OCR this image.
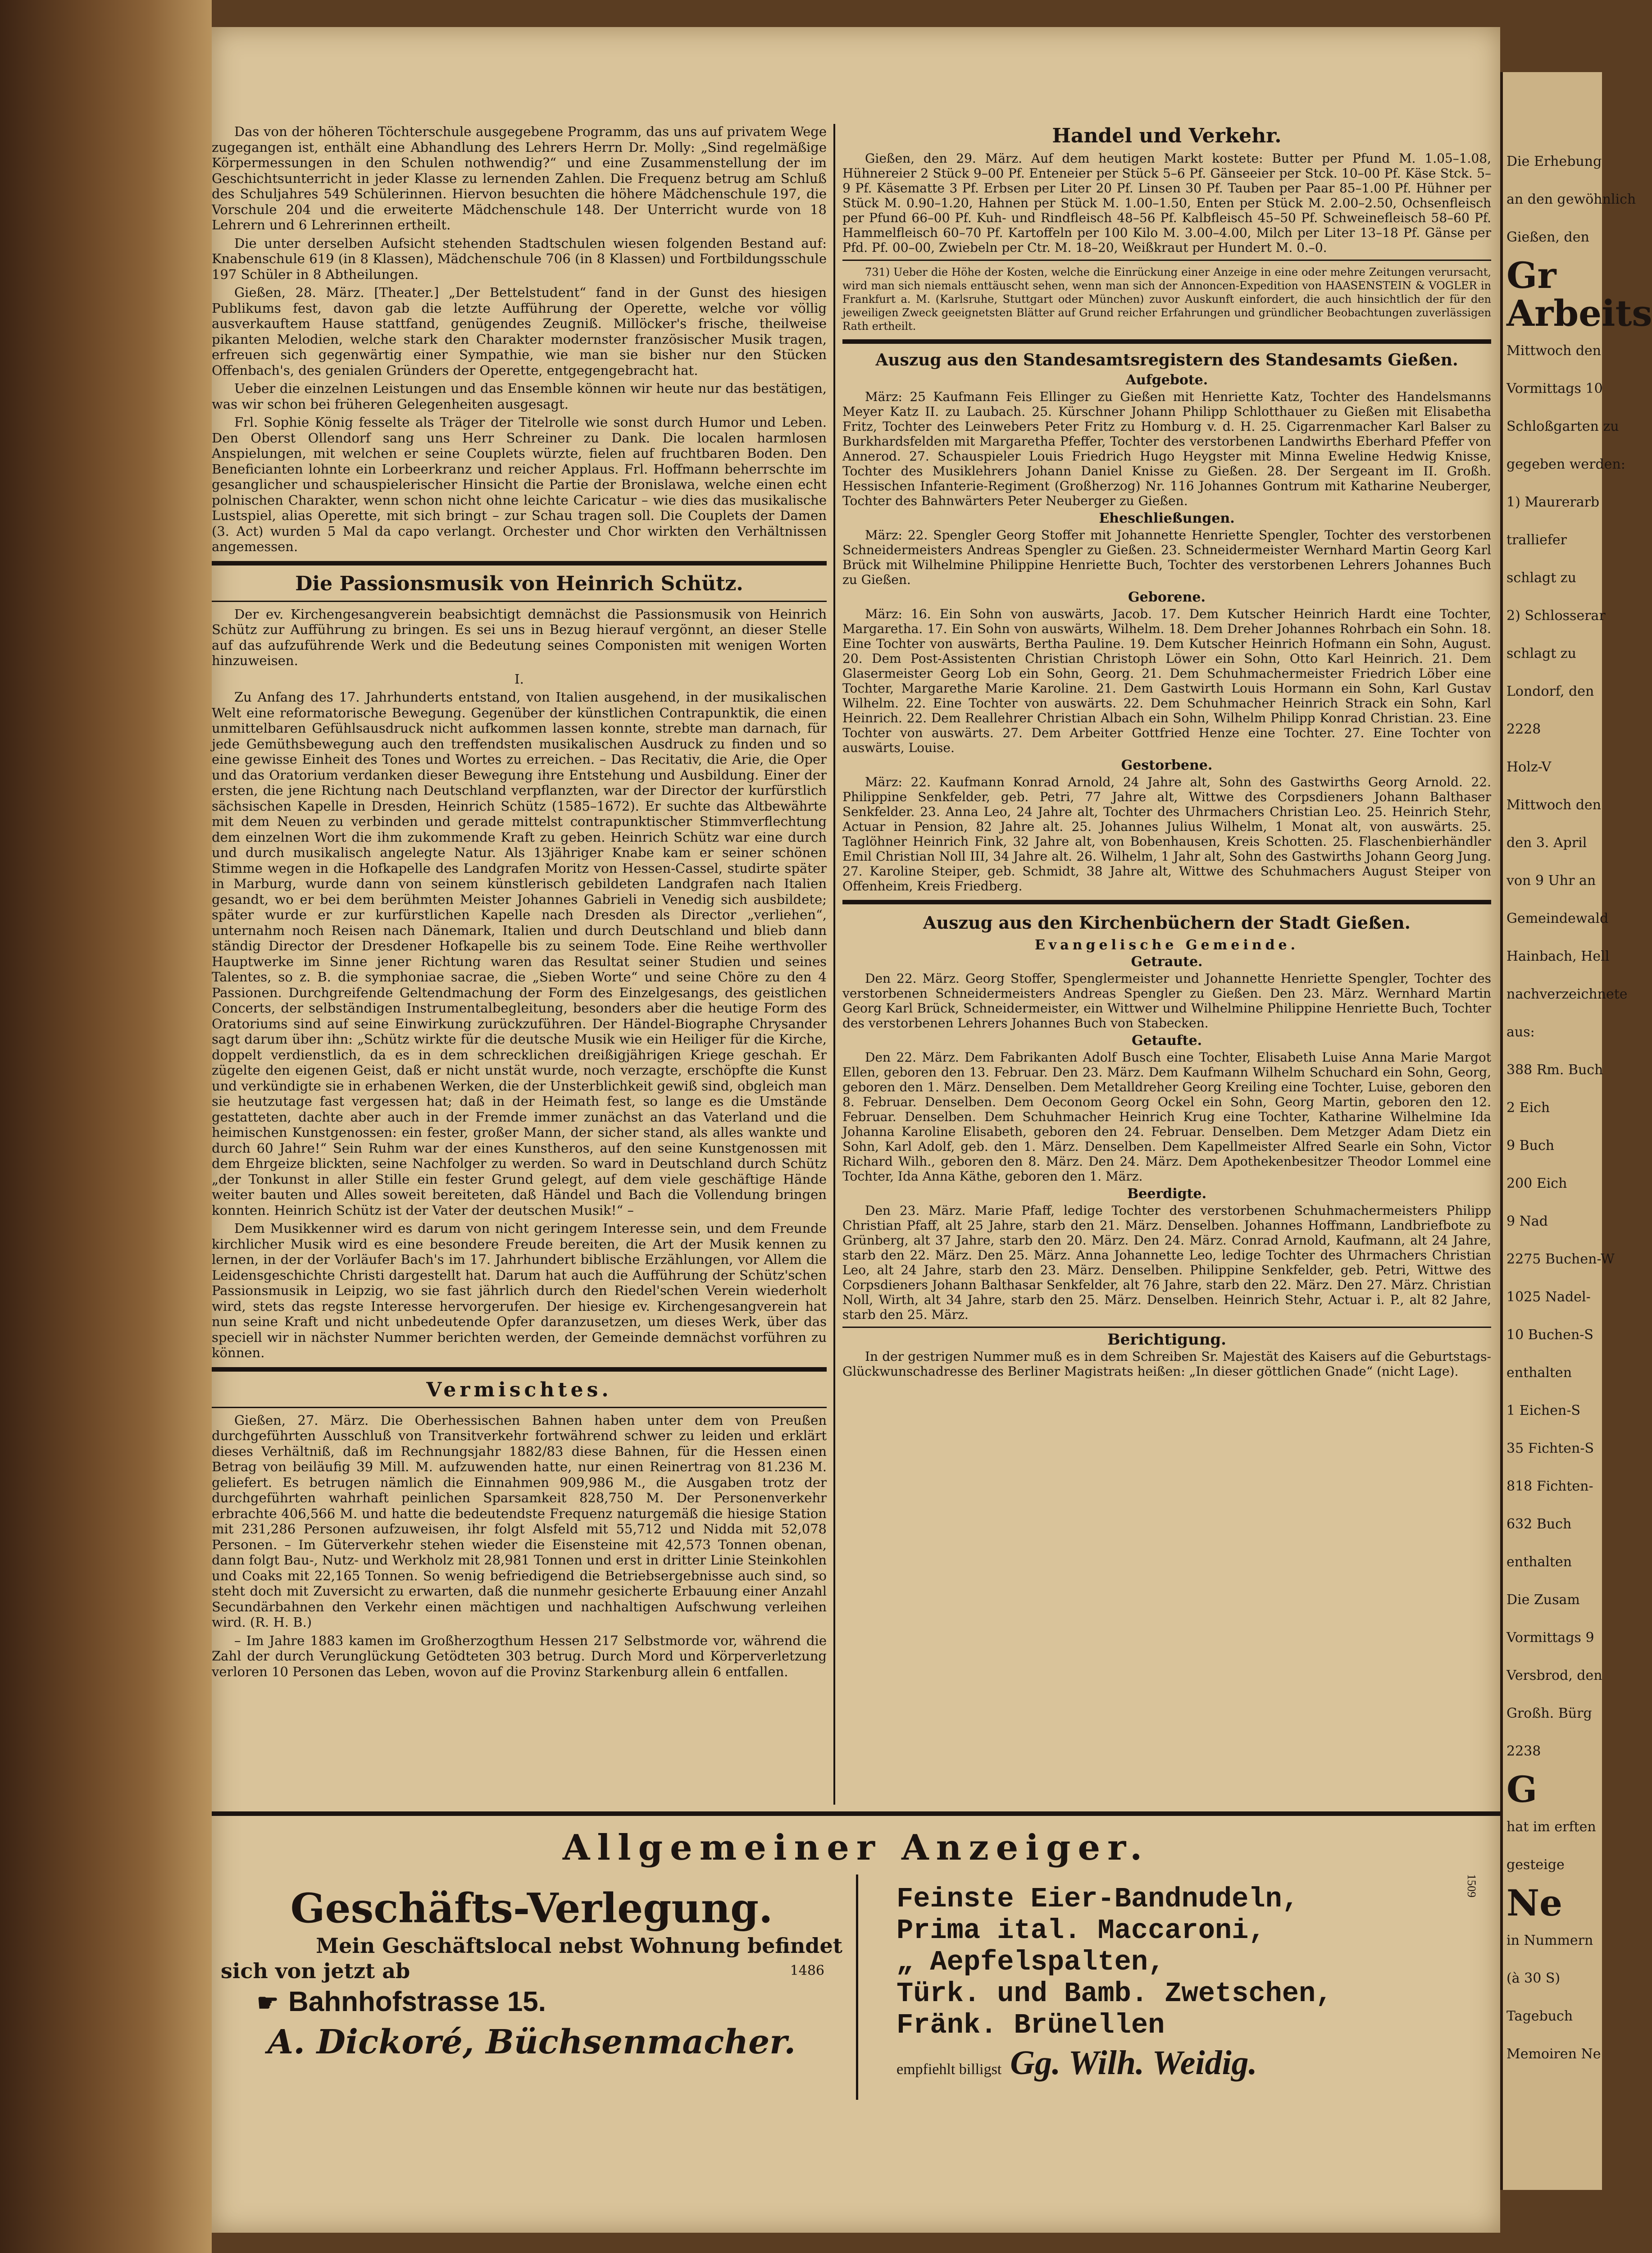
Die Erhebung
an den gewöhnlich
Gießen, den
Gr
Arbeits
Mittwoch den
Vormittags 10
Schloßgarten zu
gegeben werden:
1) Maurerarb
tralliefer
schlagt zu
2) Schlosserar
schlagt zu
Londorf, den
2228
Holz-V
Mittwoch den
den 3. April
von 9 Uhr an
Gemeindewald
Hainbach, Hell
nachverzeichnete
aus:
388 Rm. Buch
2 Eich
9 Buch
200 Eich
9 Nad
2275 Buchen-W
1025 Nadel-
10 Buchen-S
enthalten
1 Eichen-S
35 Fichten-S
818 Fichten-
632 Buch
enthalten
Die Zusam
Vormittags 9
Versbrod, den
Großh. Bürg
2238
G
hat im erften
gesteige
Ne
in Nummern
(à 30 S)
Tagebuch
Memoiren Ne

Das von der höheren Töchterschule ausgegebene Programm, das uns auf privatem Wege zugegangen ist, enthält eine Abhandlung des Lehrers Herrn Dr. Molly: „Sind regelmäßige Körpermessungen in den Schulen nothwendig?“ und eine Zusammenstellung der im Geschichtsunterricht in jeder Klasse zu lernenden Zahlen. Die Frequenz betrug am Schluß des Schuljahres 549 Schülerinnen. Hiervon besuchten die höhere Mädchenschule 197, die Vorschule 204 und die erweiterte Mädchenschule 148. Der Unterricht wurde von 18 Lehrern und 6 Lehrerinnen ertheilt.

Die unter derselben Aufsicht stehenden Stadtschulen wiesen folgenden Bestand auf: Knabenschule 619 (in 8 Klassen), Mädchenschule 706 (in 8 Klassen) und Fortbildungsschule 197 Schüler in 8 Abtheilungen.

Gießen, 28. März. [Theater.] „Der Bettelstudent“ fand in der Gunst des hiesigen Publikums fest, davon gab die letzte Aufführung der Operette, welche vor völlig ausverkauftem Hause stattfand, genügendes Zeugniß. Millöcker's frische, theilweise pikanten Melodien, welche stark den Charakter modernster französischer Musik tragen, erfreuen sich gegenwärtig einer Sympathie, wie man sie bisher nur den Stücken Offenbach's, des genialen Gründers der Operette, entgegengebracht hat.

Ueber die einzelnen Leistungen und das Ensemble können wir heute nur das bestätigen, was wir schon bei früheren Gelegenheiten ausgesagt.

Frl. Sophie König fesselte als Träger der Titelrolle wie sonst durch Humor und Leben. Den Oberst Ollendorf sang uns Herr Schreiner zu Dank. Die localen harmlosen Anspielungen, mit welchen er seine Couplets würzte, fielen auf fruchtbaren Boden. Den Beneficianten lohnte ein Lorbeerkranz und reicher Applaus. Frl. Hoffmann beherrschte im gesanglicher und schauspielerischer Hinsicht die Partie der Bronislawa, welche einen echt polnischen Charakter, wenn schon nicht ohne leichte Caricatur – wie dies das musikalische Lustspiel, alias Operette, mit sich bringt – zur Schau tragen soll. Die Couplets der Damen (3. Act) wurden 5 Mal da capo verlangt. Orchester und Chor wirkten den Verhältnissen angemessen.

Die Passionsmusik von Heinrich Schütz.

Der ev. Kirchengesangverein beabsichtigt demnächst die Passionsmusik von Heinrich Schütz zur Aufführung zu bringen. Es sei uns in Bezug hierauf vergönnt, an dieser Stelle auf das aufzuführende Werk und die Bedeutung seines Componisten mit wenigen Worten hinzuweisen.

I.

Zu Anfang des 17. Jahrhunderts entstand, von Italien ausgehend, in der musikalischen Welt eine reformatorische Bewegung. Gegenüber der künstlichen Contrapunktik, die einen unmittelbaren Gefühlsausdruck nicht aufkommen lassen konnte, strebte man darnach, für jede Gemüthsbewegung auch den treffendsten musikalischen Ausdruck zu finden und so eine gewisse Einheit des Tones und Wortes zu erreichen. – Das Recitativ, die Arie, die Oper und das Oratorium verdanken dieser Bewegung ihre Entstehung und Ausbildung. Einer der ersten, die jene Richtung nach Deutschland verpflanzten, war der Director der kurfürstlich sächsischen Kapelle in Dresden, Heinrich Schütz (1585–1672). Er suchte das Altbewährte mit dem Neuen zu verbinden und gerade mittelst contrapunktischer Stimmverflechtung dem einzelnen Wort die ihm zukommende Kraft zu geben. Heinrich Schütz war eine durch und durch musikalisch angelegte Natur. Als 13jähriger Knabe kam er seiner schönen Stimme wegen in die Hofkapelle des Landgrafen Moritz von Hessen-Cassel, studirte später in Marburg, wurde dann von seinem künstlerisch gebildeten Landgrafen nach Italien gesandt, wo er bei dem berühmten Meister Johannes Gabrieli in Venedig sich ausbildete; später wurde er zur kurfürstlichen Kapelle nach Dresden als Director „verliehen“, unternahm noch Reisen nach Dänemark, Italien und durch Deutschland und blieb dann ständig Director der Dresdener Hofkapelle bis zu seinem Tode. Eine Reihe werthvoller Hauptwerke im Sinne jener Richtung waren das Resultat seiner Studien und seines Talentes, so z. B. die symphoniae sacrae, die „Sieben Worte“ und seine Chöre zu den 4 Passionen. Durchgreifende Geltendmachung der Form des Einzelgesangs, des geistlichen Concerts, der selbständigen Instrumentalbegleitung, besonders aber die heutige Form des Oratoriums sind auf seine Einwirkung zurückzuführen. Der Händel-Biographe Chrysander sagt darum über ihn: „Schütz wirkte für die deutsche Musik wie ein Heiliger für die Kirche, doppelt verdienstlich, da es in dem schrecklichen dreißigjährigen Kriege geschah. Er zügelte den eigenen Geist, daß er nicht unstät wurde, noch verzagte, erschöpfte die Kunst und verkündigte sie in erhabenen Werken, die der Unsterblichkeit gewiß sind, obgleich man sie heutzutage fast vergessen hat; daß in der Heimath fest, so lange es die Umstände gestatteten, dachte aber auch in der Fremde immer zunächst an das Vaterland und die heimischen Kunstgenossen: ein fester, großer Mann, der sicher stand, als alles wankte und durch 60 Jahre!“ Sein Ruhm war der eines Kunstheros, auf den seine Kunstgenossen mit dem Ehrgeize blickten, seine Nachfolger zu werden. So ward in Deutschland durch Schütz „der Tonkunst in aller Stille ein fester Grund gelegt, auf dem viele geschäftige Hände weiter bauten und Alles soweit bereiteten, daß Händel und Bach die Vollendung bringen konnten. Heinrich Schütz ist der Vater der deutschen Musik!“ –

Dem Musikkenner wird es darum von nicht geringem Interesse sein, und dem Freunde kirchlicher Musik wird es eine besondere Freude bereiten, die Art der Musik kennen zu lernen, in der der Vorläufer Bach's im 17. Jahrhundert biblische Erzählungen, vor Allem die Leidensgeschichte Christi dargestellt hat. Darum hat auch die Aufführung der Schütz'schen Passionsmusik in Leipzig, wo sie fast jährlich durch den Riedel'schen Verein wiederholt wird, stets das regste Interesse hervorgerufen. Der hiesige ev. Kirchengesangverein hat nun seine Kraft und nicht unbedeutende Opfer daranzusetzen, um dieses Werk, über das speciell wir in nächster Nummer berichten werden, der Gemeinde demnächst vorführen zu können.

Vermischtes.

Gießen, 27. März. Die Oberhessischen Bahnen haben unter dem von Preußen durchgeführten Ausschluß von Transitverkehr fortwährend schwer zu leiden und erklärt dieses Verhältniß, daß im Rechnungsjahr 1882/83 diese Bahnen, für die Hessen einen Betrag von beiläufig 39 Mill. M. aufzuwenden hatte, nur einen Reinertrag von 81.236 M. geliefert. Es betrugen nämlich die Einnahmen 909,986 M., die Ausgaben trotz der durchgeführten wahrhaft peinlichen Sparsamkeit 828,750 M. Der Personenverkehr erbrachte 406,566 M. und hatte die bedeutendste Frequenz naturgemäß die hiesige Station mit 231,286 Personen aufzuweisen, ihr folgt Alsfeld mit 55,712 und Nidda mit 52,078 Personen. – Im Güterverkehr stehen wieder die Eisensteine mit 42,573 Tonnen obenan, dann folgt Bau-, Nutz- und Werkholz mit 28,981 Tonnen und erst in dritter Linie Steinkohlen und Coaks mit 22,165 Tonnen. So wenig befriedigend die Betriebsergebnisse auch sind, so steht doch mit Zuversicht zu erwarten, daß die nunmehr gesicherte Erbauung einer Anzahl Secundärbahnen den Verkehr einen mächtigen und nachhaltigen Aufschwung verleihen wird. (R. H. B.)

– Im Jahre 1883 kamen im Großherzogthum Hessen 217 Selbstmorde vor, während die Zahl der durch Verunglückung Getödteten 303 betrug. Durch Mord und Körperverletzung verloren 10 Personen das Leben, wovon auf die Provinz Starkenburg allein 6 entfallen.

Handel und Verkehr.

Gießen, den 29. März. Auf dem heutigen Markt kostete: Butter per Pfund M. 1.05–1.08, Hühnereier 2 Stück 9–00 Pf. Enteneier per Stück 5–6 Pf. Gänseeier per Stck. 10–00 Pf. Käse Stck. 5–9 Pf. Käsematte 3 Pf. Erbsen per Liter 20 Pf. Linsen 30 Pf. Tauben per Paar 85–1.00 Pf. Hühner per Stück M. 0.90–1.20, Hahnen per Stück M. 1.00–1.50, Enten per Stück M. 2.00–2.50, Ochsenfleisch per Pfund 66–00 Pf. Kuh- und Rindfleisch 48–56 Pf. Kalbfleisch 45–50 Pf. Schweinefleisch 58–60 Pf. Hammelfleisch 60–70 Pf. Kartoffeln per 100 Kilo M. 3.00–4.00, Milch per Liter 13–18 Pf. Gänse per Pfd. Pf. 00–00, Zwiebeln per Ctr. M. 18–20, Weißkraut per Hundert M. 0.–0.

731) Ueber die Höhe der Kosten, welche die Einrückung einer Anzeige in eine oder mehre Zeitungen verursacht, wird man sich niemals enttäuscht sehen, wenn man sich der Annoncen-Expedition von HAASENSTEIN & VOGLER in Frankfurt a. M. (Karlsruhe, Stuttgart oder München) zuvor Auskunft einfordert, die auch hinsichtlich der für den jeweiligen Zweck geeignetsten Blätter auf Grund reicher Erfahrungen und gründlicher Beobachtungen zuverlässigen Rath ertheilt.

Auszug aus den Standesamtsregistern des Standesamts Gießen.
Aufgebote.

März: 25 Kaufmann Feis Ellinger zu Gießen mit Henriette Katz, Tochter des Handelsmanns Meyer Katz II. zu Laubach. 25. Kürschner Johann Philipp Schlotthauer zu Gießen mit Elisabetha Fritz, Tochter des Leinwebers Peter Fritz zu Homburg v. d. H. 25. Cigarrenmacher Karl Balser zu Burkhardsfelden mit Margaretha Pfeffer, Tochter des verstorbenen Landwirths Eberhard Pfeffer von Annerod. 27. Schauspieler Louis Friedrich Hugo Heygster mit Minna Eweline Hedwig Knisse, Tochter des Musiklehrers Johann Daniel Knisse zu Gießen. 28. Der Sergeant im II. Großh. Hessischen Infanterie-Regiment (Großherzog) Nr. 116 Johannes Gontrum mit Katharine Neuberger, Tochter des Bahnwärters Peter Neuberger zu Gießen.

Eheschließungen.

März: 22. Spengler Georg Stoffer mit Johannette Henriette Spengler, Tochter des verstorbenen Schneidermeisters Andreas Spengler zu Gießen. 23. Schneidermeister Wernhard Martin Georg Karl Brück mit Wilhelmine Philippine Henriette Buch, Tochter des verstorbenen Lehrers Johannes Buch zu Gießen.

Geborene.

März: 16. Ein Sohn von auswärts, Jacob. 17. Dem Kutscher Heinrich Hardt eine Tochter, Margaretha. 17. Ein Sohn von auswärts, Wilhelm. 18. Dem Dreher Johannes Rohrbach ein Sohn. 18. Eine Tochter von auswärts, Bertha Pauline. 19. Dem Kutscher Heinrich Hofmann ein Sohn, August. 20. Dem Post-Assistenten Christian Christoph Löwer ein Sohn, Otto Karl Heinrich. 21. Dem Glasermeister Georg Lob ein Sohn, Georg. 21. Dem Schuhmachermeister Friedrich Löber eine Tochter, Margarethe Marie Karoline. 21. Dem Gastwirth Louis Hormann ein Sohn, Karl Gustav Wilhelm. 22. Eine Tochter von auswärts. 22. Dem Schuhmacher Heinrich Strack ein Sohn, Karl Heinrich. 22. Dem Reallehrer Christian Albach ein Sohn, Wilhelm Philipp Konrad Christian. 23. Eine Tochter von auswärts. 27. Dem Arbeiter Gottfried Henze eine Tochter. 27. Eine Tochter von auswärts, Louise.

Gestorbene.

März: 22. Kaufmann Konrad Arnold, 24 Jahre alt, Sohn des Gastwirths Georg Arnold. 22. Philippine Senkfelder, geb. Petri, 77 Jahre alt, Wittwe des Corpsdieners Johann Balthaser Senkfelder. 23. Anna Leo, 24 Jahre alt, Tochter des Uhrmachers Christian Leo. 25. Heinrich Stehr, Actuar in Pension, 82 Jahre alt. 25. Johannes Julius Wilhelm, 1 Monat alt, von auswärts. 25. Taglöhner Heinrich Fink, 32 Jahre alt, von Bobenhausen, Kreis Schotten. 25. Flaschenbierhändler Emil Christian Noll III, 34 Jahre alt. 26. Wilhelm, 1 Jahr alt, Sohn des Gastwirths Johann Georg Jung. 27. Karoline Steiper, geb. Schmidt, 38 Jahre alt, Wittwe des Schuhmachers August Steiper von Offenheim, Kreis Friedberg.

Auszug aus den Kirchenbüchern der Stadt Gießen.
Evangelische Gemeinde.
Getraute.

Den 22. März. Georg Stoffer, Spenglermeister und Johannette Henriette Spengler, Tochter des verstorbenen Schneidermeisters Andreas Spengler zu Gießen. Den 23. März. Wernhard Martin Georg Karl Brück, Schneidermeister, ein Wittwer und Wilhelmine Philippine Henriette Buch, Tochter des verstorbenen Lehrers Johannes Buch von Stabecken.

Getaufte.

Den 22. März. Dem Fabrikanten Adolf Busch eine Tochter, Elisabeth Luise Anna Marie Margot Ellen, geboren den 13. Februar. Den 23. März. Dem Kaufmann Wilhelm Schuchard ein Sohn, Georg, geboren den 1. März. Denselben. Dem Metalldreher Georg Kreiling eine Tochter, Luise, geboren den 8. Februar. Denselben. Dem Oeconom Georg Ockel ein Sohn, Georg Martin, geboren den 12. Februar. Denselben. Dem Schuhmacher Heinrich Krug eine Tochter, Katharine Wilhelmine Ida Johanna Karoline Elisabeth, geboren den 24. Februar. Denselben. Dem Metzger Adam Dietz ein Sohn, Karl Adolf, geb. den 1. März. Denselben. Dem Kapellmeister Alfred Searle ein Sohn, Victor Richard Wilh., geboren den 8. März. Den 24. März. Dem Apothekenbesitzer Theodor Lommel eine Tochter, Ida Anna Käthe, geboren den 1. März.

Beerdigte.

Den 23. März. Marie Pfaff, ledige Tochter des verstorbenen Schuhmachermeisters Philipp Christian Pfaff, alt 25 Jahre, starb den 21. März. Denselben. Johannes Hoffmann, Landbriefbote zu Grünberg, alt 37 Jahre, starb den 20. März. Den 24. März. Conrad Arnold, Kaufmann, alt 24 Jahre, starb den 22. März. Den 25. März. Anna Johannette Leo, ledige Tochter des Uhrmachers Christian Leo, alt 24 Jahre, starb den 23. März. Denselben. Philippine Senkfelder, geb. Petri, Wittwe des Corpsdieners Johann Balthasar Senkfelder, alt 76 Jahre, starb den 22. März. Den 27. März. Christian Noll, Wirth, alt 34 Jahre, starb den 25. März. Denselben. Heinrich Stehr, Actuar i. P., alt 82 Jahre, starb den 25. März.

Berichtigung.

In der gestrigen Nummer muß es in dem Schreiben Sr. Majestät des Kaisers auf die Geburtstags-Glückwunschadresse des Berliner Magistrats heißen: „In dieser göttlichen Gnade“ (nicht Lage).

Allgemeiner Anzeiger.
Geschäfts-Verlegung.
Mein Geschäftslocal nebst Wohnung befindet
sich von jetzt ab	1486
☛ Bahnhofstrasse 15.
A. Dickoré, Büchsenmacher.
Feinste Eier-Bandnudeln,
Prima ital. Maccaroni,
„ Aepfelspalten,
Türk. und Bamb. Zwetschen,
Fränk. Brünellen
empfiehlt billigst Gg. Wilh. Weidig.
1509
